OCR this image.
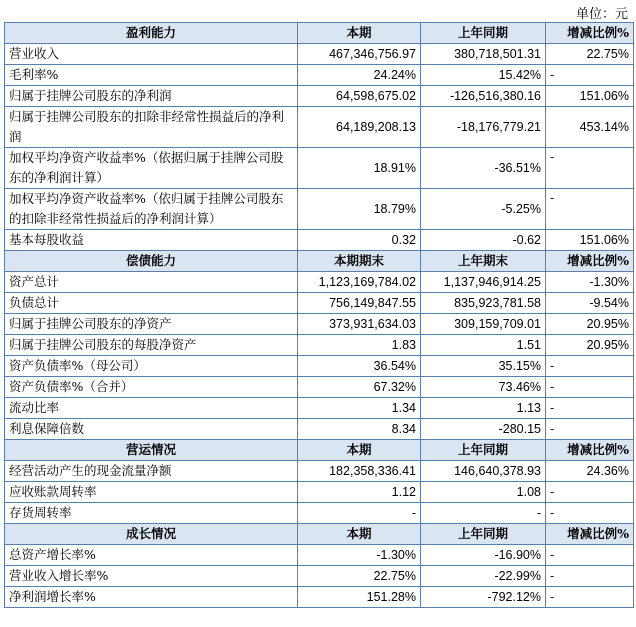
单位：元
盈利能力	本期	上年同期	增减比例%
营业收入	467,346,756.97	380,718,501.31	22.75%
毛利率%	24.24%	15.42%	-
归属于挂牌公司股东的净利润	64,598,675.02	-126,516,380.16	151.06%
归属于挂牌公司股东的扣除非经常性损益后的净利润	64,189,208.13	-18,176,779.21	453.14%
加权平均净资产收益率%（依据归属于挂牌公司股东的净利润计算）	18.91%	-36.51%	-
加权平均净资产收益率%（依归属于挂牌公司股东的扣除非经常性损益后的净利润计算）	18.79%	-5.25%	-
基本每股收益	0.32	-0.62	151.06%
偿债能力	本期期末	上年期末	增减比例%
资产总计	1,123,169,784.02	1,137,946,914.25	-1.30%
负债总计	756,149,847.55	835,923,781.58	-9.54%
归属于挂牌公司股东的净资产	373,931,634.03	309,159,709.01	20.95%
归属于挂牌公司股东的每股净资产	1.83	1.51	20.95%
资产负债率%（母公司）	36.54%	35.15%	-
资产负债率%（合并）	67.32%	73.46%	-
流动比率	1.34	1.13	-
利息保障倍数	8.34	-280.15	-
营运情况	本期	上年同期	增减比例%
经营活动产生的现金流量净额	182,358,336.41	146,640,378.93	24.36%
应收账款周转率	1.12	1.08	-
存货周转率	-	-	-
成长情况	本期	上年同期	增减比例%
总资产增长率%	-1.30%	-16.90%	-
营业收入增长率%	22.75%	-22.99%	-
净利润增长率%	151.28%	-792.12%	-
